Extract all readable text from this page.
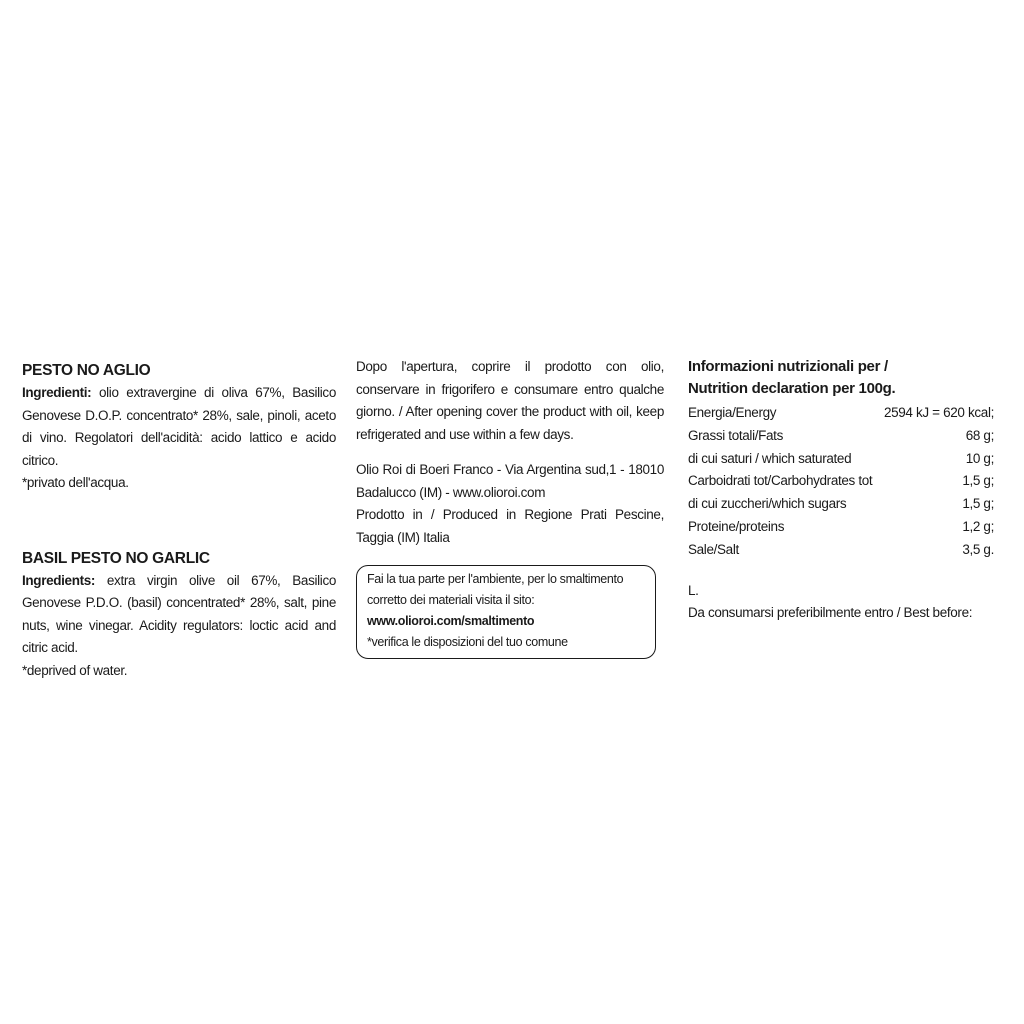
PESTO NO AGLIO

Ingredienti: olio extravergine di oliva 67%, Basilico Genovese D.O.P. concentrato* 28%, sale, pinoli, aceto di vino. Regolatori dell'acidità: acido lattico e acido citrico.

*privato dell'acqua.

BASIL PESTO NO GARLIC

Ingredients: extra virgin olive oil 67%, Basilico Genovese P.D.O. (basil) concentrated* 28%, salt, pine nuts, wine vinegar. Acidity regulators: loctic acid and citric acid.

*deprived of water.

Dopo l'apertura, coprire il prodotto con olio, conservare in frigorifero e consumare entro qualche giorno. / After opening cover the product with oil, keep refrigerated and use within a few days.

Olio Roi di Boeri Franco - Via Argentina sud,1 - 18010 Badalucco (IM) - www.olioroi.com

Prodotto in / Produced in Regione Prati Pescine, Taggia (IM) Italia

Fai la tua parte per l'ambiente, per lo smaltimento corretto dei materiali visita il sito:
www.olioroi.com/smaltimento
*verifica le disposizioni del tuo comune
Informazioni nutrizionali per /
Nutrition declaration per 100g.
Energia/Energy	2594 kJ = 620 kcal;
Grassi totali/Fats	68 g;
di cui saturi / which saturated	10 g;
Carboidrati tot/Carbohydrates tot	1,5 g;
di cui zuccheri/which sugars	1,5 g;
Proteine/proteins	1,2 g;
Sale/Salt	3,5 g.
L.
Da consumarsi preferibilmente entro / Best before:
